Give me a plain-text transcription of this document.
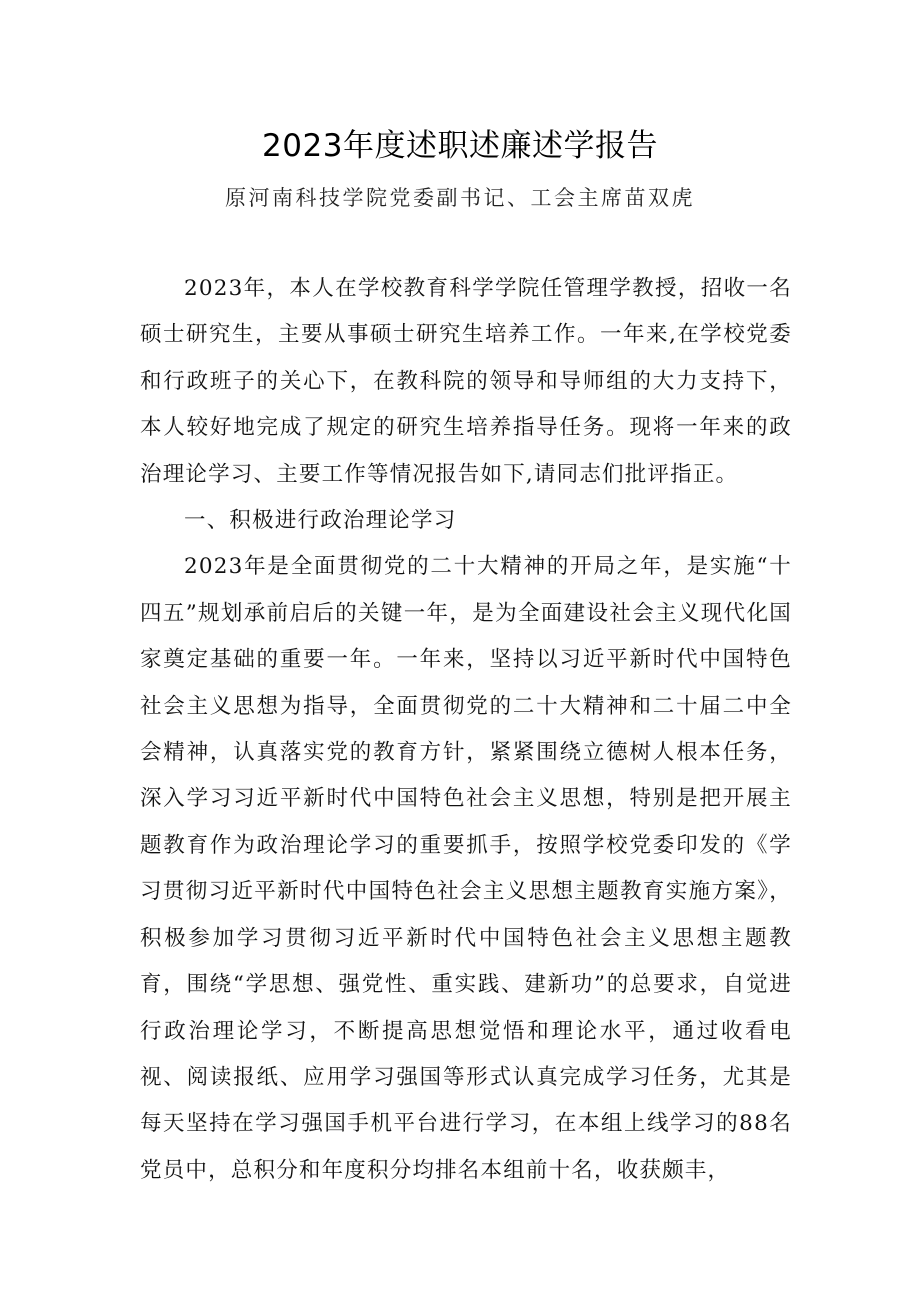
2023年度述职述廉述学报告

原河南科技学院党委副书记、工会主席苗双虎

2023年，本人在学校教育科学学院任管理学教授，招收一名硕士研究生，主要从事硕士研究生培养工作。一年来,在学校党委和行政班子的关心下，在教科院的领导和导师组的大力支持下，本人较好地完成了规定的研究生培养指导任务。现将一年来的政治理论学习、主要工作等情况报告如下,请同志们批评指正。

一、积极进行政治理论学习

2023年是全面贯彻党的二十大精神的开局之年，是实施“十四五”规划承前启后的关键一年，是为全面建设社会主义现代化国家奠定基础的重要一年。一年来，坚持以习近平新时代中国特色社会主义思想为指导，全面贯彻党的二十大精神和二十届二中全会精神，认真落实党的教育方针，紧紧围绕立德树人根本任务，深入学习习近平新时代中国特色社会主义思想，特别是把开展主题教育作为政治理论学习的重要抓手，按照学校党委印发的《学习贯彻习近平新时代中国特色社会主义思想主题教育实施方案》，积极参加学习贯彻习近平新时代中国特色社会主义思想主题教育，围绕“学思想、强党性、重实践、建新功”的总要求，自觉进行政治理论学习，不断提高思想觉悟和理论水平，通过收看电视、阅读报纸、应用学习强国等形式认真完成学习任务，尤其是每天坚持在学习强国手机平台进行学习，在本组上线学习的88名党员中，总积分和年度积分均排名本组前十名，收获颇丰，
